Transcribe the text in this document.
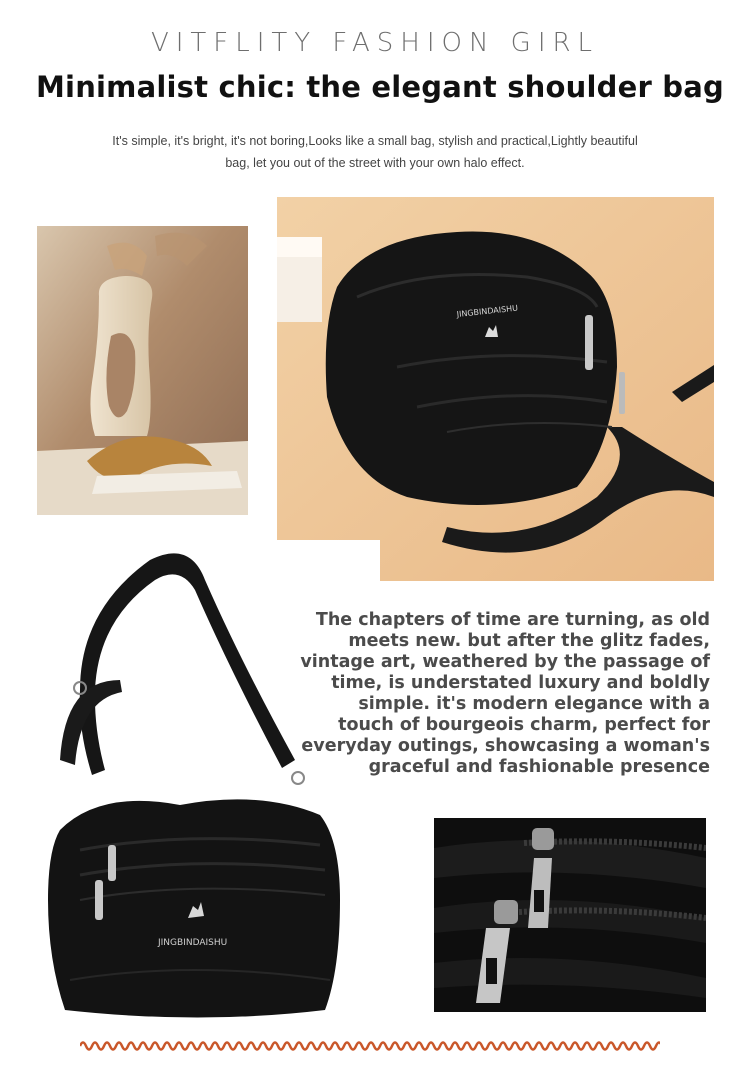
VITFLITY FASHION GIRL
Minimalist chic: the elegant shoulder bag
It's simple, it's bright, it's not boring,Looks like a small bag, stylish and practical,Lightly beautiful bag, let you out of the street with your own halo effect.
JINGBINDAISHU
JINGBINDAISHU
The chapters of time are turning, as old meets new. but after the glitz fades, vintage art, weathered by the passage of time, is understated luxury and boldly simple. it's modern elegance with a touch of bourgeois charm, perfect for everyday outings, showcasing a woman's graceful and fashionable presence
